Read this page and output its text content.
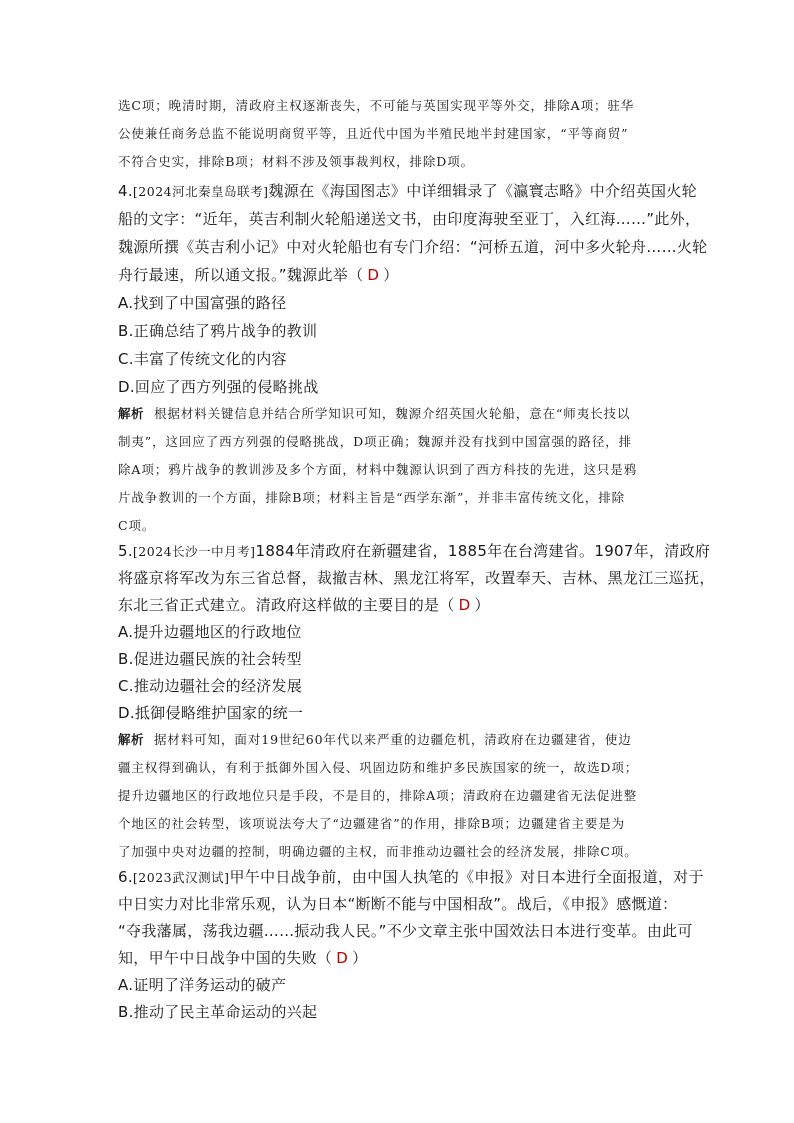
选C项；晚清时期，清政府主权逐渐丧失，不可能与英国实现平等外交，排除A项；驻华
公使兼任商务总监不能说明商贸平等，且近代中国为半殖民地半封建国家，“平等商贸”
不符合史实，排除B项；材料不涉及领事裁判权，排除D项。
4.[2024河北秦皇岛联考]魏源在《海国图志》中详细辑录了《瀛寰志略》中介绍英国火轮
船的文字：“近年，英吉利制火轮船递送文书，由印度海驶至亚丁，入红海……”此外，
魏源所撰《英吉利小记》中对火轮船也有专门介绍：“河桥五道，河中多火轮舟……火轮
舟行最速，所以通文报。”魏源此举（ D ）
A.找到了中国富强的路径
B.正确总结了鸦片战争的教训
C.丰富了传统文化的内容
D.回应了西方列强的侵略挑战
解析 根据材料关键信息并结合所学知识可知，魏源介绍英国火轮船，意在“师夷长技以
制夷”，这回应了西方列强的侵略挑战，D项正确；魏源并没有找到中国富强的路径，排
除A项；鸦片战争的教训涉及多个方面，材料中魏源认识到了西方科技的先进，这只是鸦
片战争教训的一个方面，排除B项；材料主旨是“西学东渐”，并非丰富传统文化，排除
C项。
5.[2024长沙一中月考]1884年清政府在新疆建省，1885年在台湾建省。1907年，清政府
将盛京将军改为东三省总督，裁撤吉林、黑龙江将军，改置奉天、吉林、黑龙江三巡抚，
东北三省正式建立。清政府这样做的主要目的是（ D ）
A.提升边疆地区的行政地位
B.促进边疆民族的社会转型
C.推动边疆社会的经济发展
D.抵御侵略维护国家的统一
解析 据材料可知，面对19世纪60年代以来严重的边疆危机，清政府在边疆建省，使边
疆主权得到确认，有利于抵御外国入侵、巩固边防和维护多民族国家的统一，故选D项；
提升边疆地区的行政地位只是手段，不是目的，排除A项；清政府在边疆建省无法促进整
个地区的社会转型，该项说法夸大了“边疆建省”的作用，排除B项；边疆建省主要是为
了加强中央对边疆的控制，明确边疆的主权，而非推动边疆社会的经济发展，排除C项。
6.[2023武汉测试]甲午中日战争前，由中国人执笔的《申报》对日本进行全面报道，对于
中日实力对比非常乐观，认为日本“断断不能与中国相敌”。战后，《申报》感慨道：
“夺我藩属，荡我边疆……振动我人民。”不少文章主张中国效法日本进行变革。由此可
知，甲午中日战争中国的失败（ D ）
A.证明了洋务运动的破产
B.推动了民主革命运动的兴起
